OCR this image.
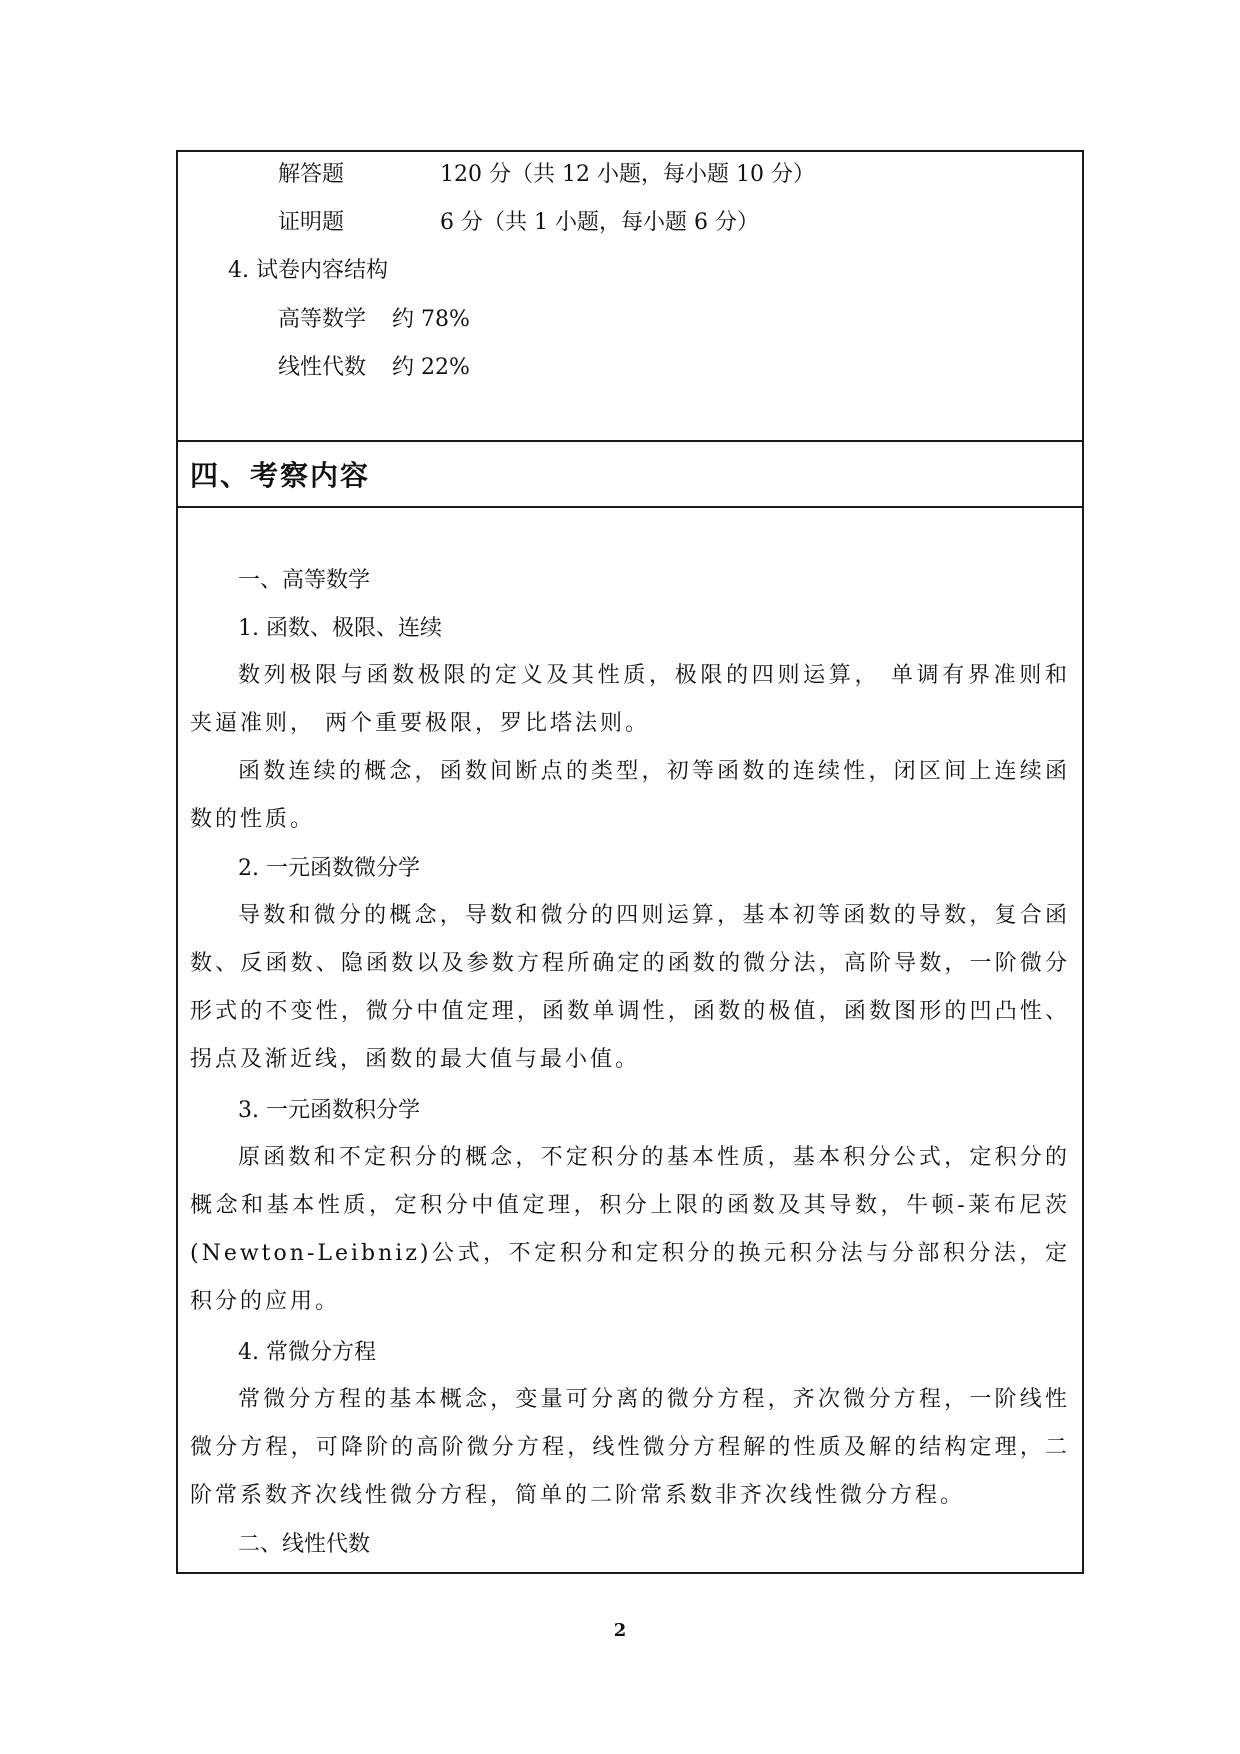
解答题	120 分（共 12 小题，每小题 10 分）
证明题	6 分（共 1 小题，每小题 6 分）
4. 试卷内容结构
高等数学 约 78%
线性代数 约 22%
四、考察内容
一、高等数学
1. 函数、极限、连续
数列极限与函数极限的定义及其性质，极限的四则运算， 单调有界准则和夹逼准则， 两个重要极限，罗比塔法则。
函数连续的概念，函数间断点的类型，初等函数的连续性，闭区间上连续函数的性质。
2. 一元函数微分学
导数和微分的概念，导数和微分的四则运算，基本初等函数的导数，复合函数、反函数、隐函数以及参数方程所确定的函数的微分法，高阶导数，一阶微分形式的不变性，微分中值定理，函数单调性，函数的极值，函数图形的凹凸性、拐点及渐近线，函数的最大值与最小值。
3. 一元函数积分学
原函数和不定积分的概念，不定积分的基本性质，基本积分公式，定积分的概念和基本性质，定积分中值定理，积分上限的函数及其导数，牛顿-莱布尼茨(Newton-Leibniz)公式，不定积分和定积分的换元积分法与分部积分法，定积分的应用。
4. 常微分方程
常微分方程的基本概念，变量可分离的微分方程，齐次微分方程，一阶线性微分方程，可降阶的高阶微分方程，线性微分方程解的性质及解的结构定理，二阶常系数齐次线性微分方程，简单的二阶常系数非齐次线性微分方程。
二、线性代数
2
